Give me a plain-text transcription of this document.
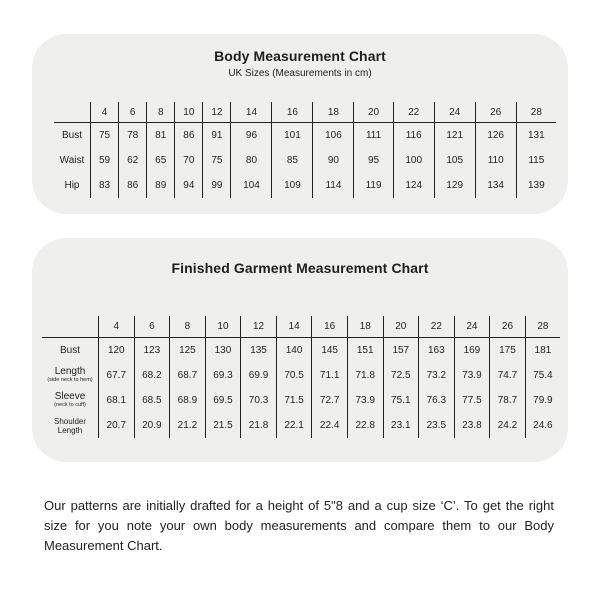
Body Measurement Chart
UK Sizes (Measurements in cm)
	4	6	8	10	12	14	16	18	20	22	24	26	28
Bust	75	78	81	86	91	96	101	106	111	116	121	126	131
Waist	59	62	65	70	75	80	85	90	95	100	105	110	115
Hip	83	86	89	94	99	104	109	114	119	124	129	134	139
Finished Garment Measurement Chart
	4	6	8	10	12	14	16	18	20	22	24	26	28

Bust	120	123	125	130	135	140	145	151	157	163	169	175	181

Length
(side neck to hem)	67.7	68.2	68.7	69.3	69.9	70.5	71.1	71.8	72.5	73.2	73.9	74.7	75.4

Sleeve
(neck to cuff)	68.1	68.5	68.9	69.5	70.3	71.5	72.7	73.9	75.1	76.3	77.5	78.7	79.9

Shoulder Length	20.7	20.9	21.2	21.5	21.8	22.1	22.4	22.8	23.1	23.5	23.8	24.2	24.6

Our patterns are initially drafted for a height of 5"8 and a cup size ‘C’. To get the right size for you note your own body measurements and compare them to our Body Measurement Chart.
